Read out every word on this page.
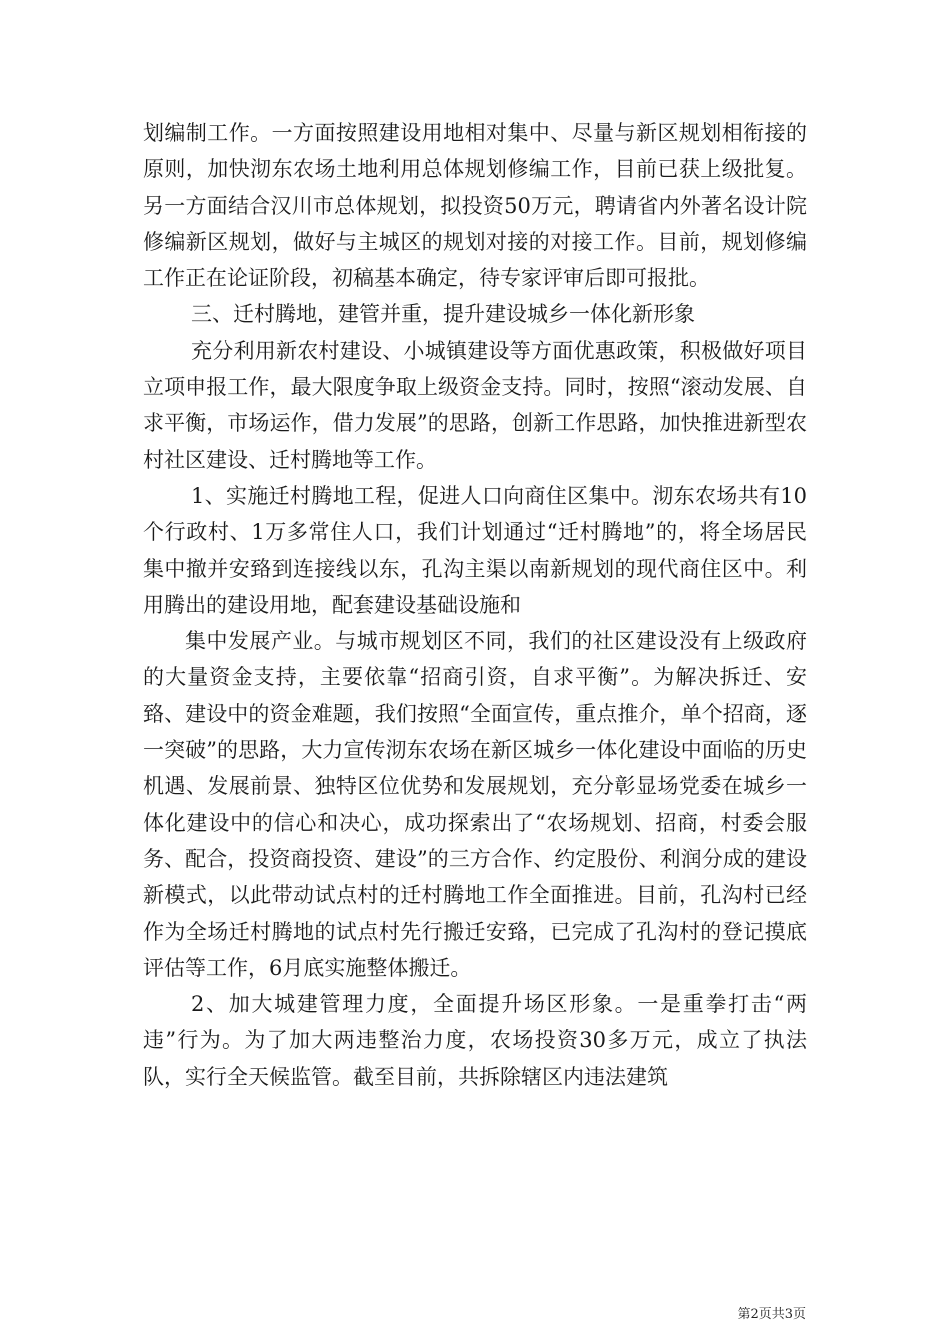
划编制工作。一方面按照建设用地相对集中、尽量与新区规划相衔接的原则，加快沏东农场土地利用总体规划修编工作，目前已获上级批复。另一方面结合汉川市总体规划，拟投资50万元，聘请省内外著名设计院修编新区规划，做好与主城区的规划对接的对接工作。目前，规划修编工作正在论证阶段，初稿基本确定，待专家评审后即可报批。

三、迁村腾地，建管并重，提升建设城乡一体化新形象

充分利用新农村建设、小城镇建设等方面优惠政策，积极做好项目立项申报工作，最大限度争取上级资金支持。同时，按照“滚动发展、自求平衡，市场运作，借力发展”的思路，创新工作思路，加快推进新型农村社区建设、迁村腾地等工作。

1、实施迁村腾地工程，促进人口向商住区集中。沏东农场共有10个行政村、1万多常住人口，我们计划通过“迁村腾地”的，将全场居民集中撤并安臵到连接线以东，孔沟主渠以南新规划的现代商住区中。利用腾出的建设用地，配套建设基础设施和

集中发展产业。与城市规划区不同，我们的社区建设没有上级政府的大量资金支持，主要依靠“招商引资，自求平衡”。为解决拆迁、安臵、建设中的资金难题，我们按照“全面宣传，重点推介，单个招商，逐一突破”的思路，大力宣传沏东农场在新区城乡一体化建设中面临的历史机遇、发展前景、独特区位优势和发展规划，充分彰显场党委在城乡一体化建设中的信心和决心，成功探索出了“农场规划、招商，村委会服务、配合，投资商投资、建设”的三方合作、约定股份、利润分成的建设新模式，以此带动试点村的迁村腾地工作全面推进。目前，孔沟村已经作为全场迁村腾地的试点村先行搬迁安臵，已完成了孔沟村的登记摸底评估等工作，6月底实施整体搬迁。

2、加大城建管理力度，全面提升场区形象。一是重拳打击“两违”行为。为了加大两违整治力度，农场投资30多万元，成立了执法队，实行全天候监管。截至目前，共拆除辖区内违法建筑

第2页共3页
